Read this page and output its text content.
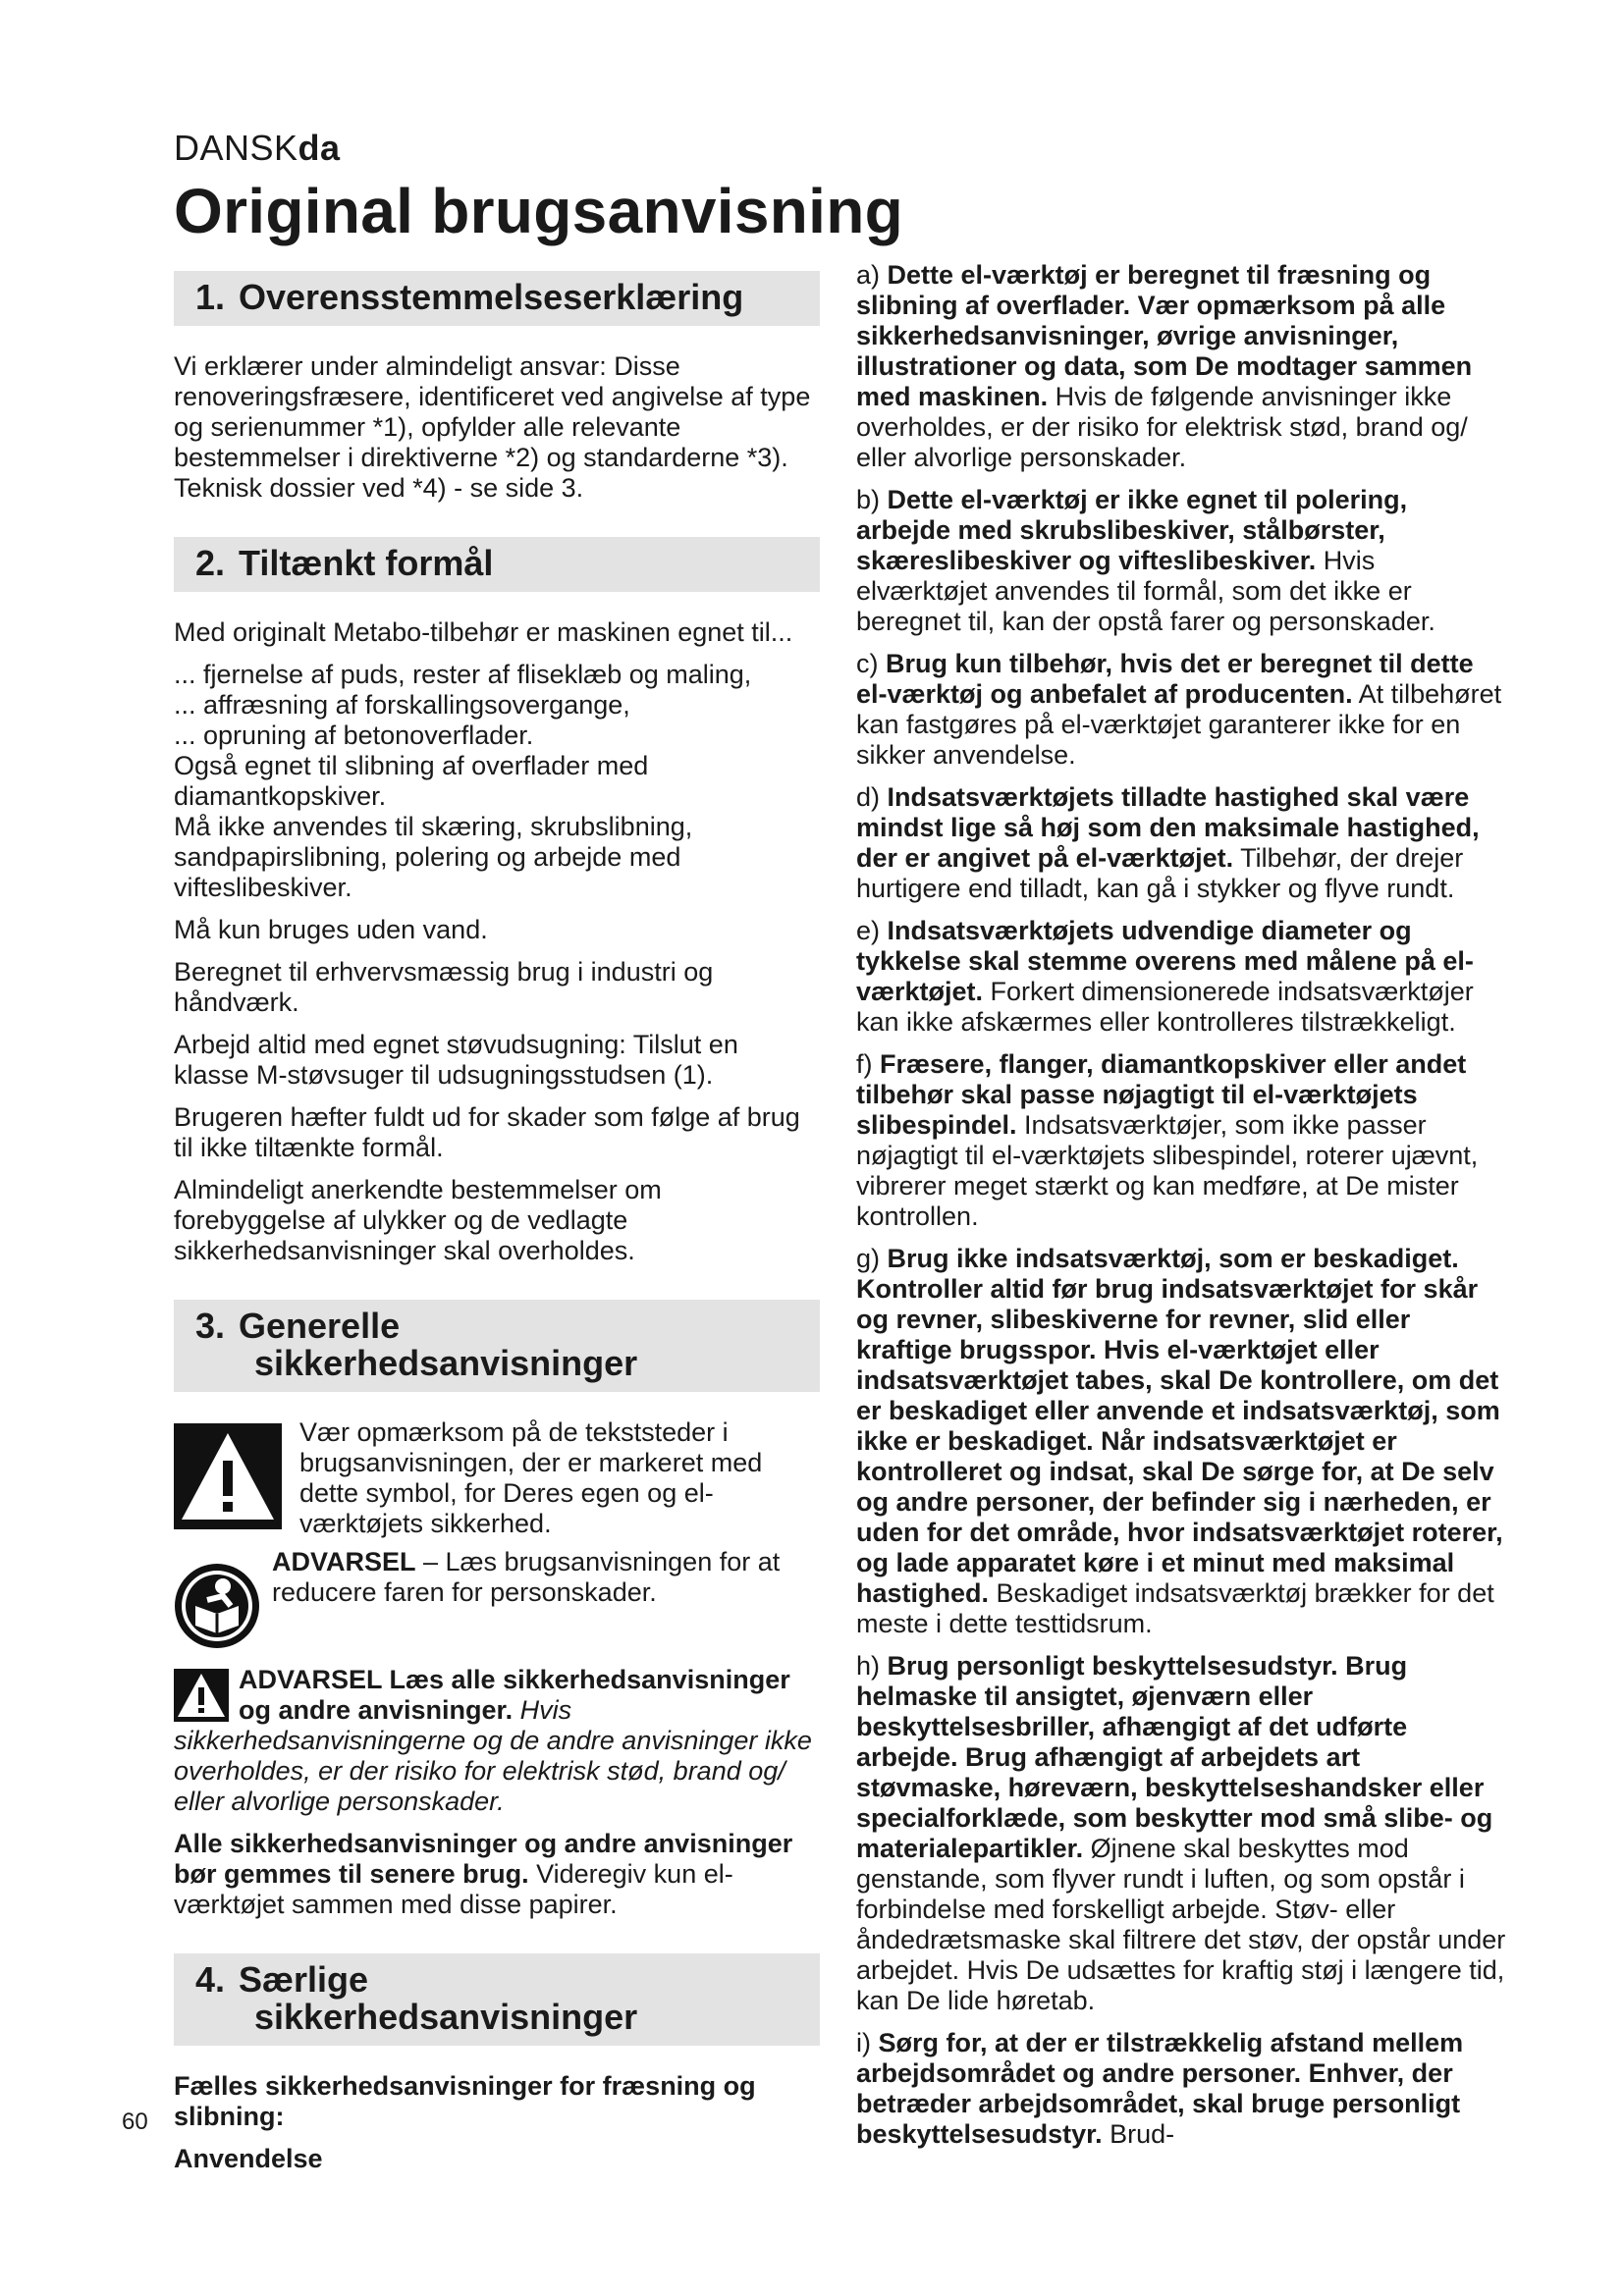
DANSKda
Original brugsanvisning
1. Overensstemmelseserklæring

Vi erklærer under almindeligt ansvar: Disse renoveringsfræsere, identificeret ved angivelse af type og serienummer *1), opfylder alle relevante bestemmelser i direktiverne *2) og standarderne *3). Teknisk dossier ved *4) - se side 3.

2. Tiltænkt formål

Med originalt Metabo-tilbehør er maskinen egnet til...

... fjernelse af puds, rester af fliseklæb og maling,

... affræsning af forskallingsovergange,

... opruning af betonoverflader.

Også egnet til slibning af overflader med diamantkopskiver.

Må ikke anvendes til skæring, skrubslibning, sandpapirslibning, polering og arbejde med vifteslibeskiver.

Må kun bruges uden vand.

Beregnet til erhvervsmæssig brug i industri og håndværk.

Arbejd altid med egnet støvudsugning: Tilslut en klasse M-støvsuger til udsugningsstudsen (1).

Brugeren hæfter fuldt ud for skader som følge af brug til ikke tiltænkte formål.

Almindeligt anerkendte bestemmelser om forebyggelse af ulykker og de vedlagte sikkerhedsanvisninger skal overholdes.

3. Generelle
sikkerhedsanvisninger

Vær opmærksom på de tekststeder i brugsanvisningen, der er markeret med dette symbol, for Deres egen og el-værktøjets sikkerhed.

ADVARSEL – Læs brugsanvisningen for at reducere faren for personskader.

ADVARSEL Læs alle sikkerhedsanvisninger og andre anvisninger. Hvis sikkerhedsanvisningerne og de andre anvisninger ikke overholdes, er der risiko for elektrisk stød, brand og/ eller alvorlige personskader.

Alle sikkerhedsanvisninger og andre anvisninger bør gemmes til senere brug. Videregiv kun el-værktøjet sammen med disse papirer.

4. Særlige
sikkerhedsanvisninger

Fælles sikkerhedsanvisninger for fræsning og slibning:

Anvendelse

a) Dette el-værktøj er beregnet til fræsning og slibning af overflader. Vær opmærksom på alle sikkerhedsanvisninger, øvrige anvisninger, illustrationer og data, som De modtager sammen med maskinen. Hvis de følgende anvisninger ikke overholdes, er der risiko for elektrisk stød, brand og/ eller alvorlige personskader.

b) Dette el-værktøj er ikke egnet til polering, arbejde med skrubslibeskiver, stålbørster, skæreslibeskiver og vifteslibeskiver. Hvis elværktøjet anvendes til formål, som det ikke er beregnet til, kan der opstå farer og personskader.

c) Brug kun tilbehør, hvis det er beregnet til dette el-værktøj og anbefalet af producenten. At tilbehøret kan fastgøres på el-værktøjet garanterer ikke for en sikker anvendelse.

d) Indsatsværktøjets tilladte hastighed skal være mindst lige så høj som den maksimale hastighed, der er angivet på el-værktøjet. Tilbehør, der drejer hurtigere end tilladt, kan gå i stykker og flyve rundt.

e) Indsatsværktøjets udvendige diameter og tykkelse skal stemme overens med målene på el-værktøjet. Forkert dimensionerede indsatsværktøjer kan ikke afskærmes eller kontrolleres tilstrækkeligt.

f) Fræsere, flanger, diamantkopskiver eller andet tilbehør skal passe nøjagtigt til el-værktøjets slibespindel. Indsatsværktøjer, som ikke passer nøjagtigt til el-værktøjets slibespindel, roterer ujævnt, vibrerer meget stærkt og kan medføre, at De mister kontrollen.

g) Brug ikke indsatsværktøj, som er beskadiget. Kontroller altid før brug indsatsværktøjet for skår og revner, slibeskiverne for revner, slid eller kraftige brugsspor. Hvis el-værktøjet eller indsatsværktøjet tabes, skal De kontrollere, om det er beskadiget eller anvende et indsatsværktøj, som ikke er beskadiget. Når indsatsværktøjet er kontrolleret og indsat, skal De sørge for, at De selv og andre personer, der befinder sig i nærheden, er uden for det område, hvor indsatsværktøjet roterer, og lade apparatet køre i et minut med maksimal hastighed. Beskadiget indsatsværktøj brækker for det meste i dette testtidsrum.

h) Brug personligt beskyttelsesudstyr. Brug helmaske til ansigtet, øjenværn eller beskyttelsesbriller, afhængigt af det udførte arbejde. Brug afhængigt af arbejdets art støvmaske, høreværn, beskyttelseshandsker eller specialforklæde, som beskytter mod små slibe- og materialepartikler. Øjnene skal beskyttes mod genstande, som flyver rundt i luften, og som opstår i forbindelse med forskelligt arbejde. Støv- eller åndedrætsmaske skal filtrere det støv, der opstår under arbejdet. Hvis De udsættes for kraftig støj i længere tid, kan De lide høretab.

i) Sørg for, at der er tilstrækkelig afstand mellem arbejdsområdet og andre personer. Enhver, der betræder arbejdsområdet, skal bruge personligt beskyttelsesudstyr. Brud-

60
